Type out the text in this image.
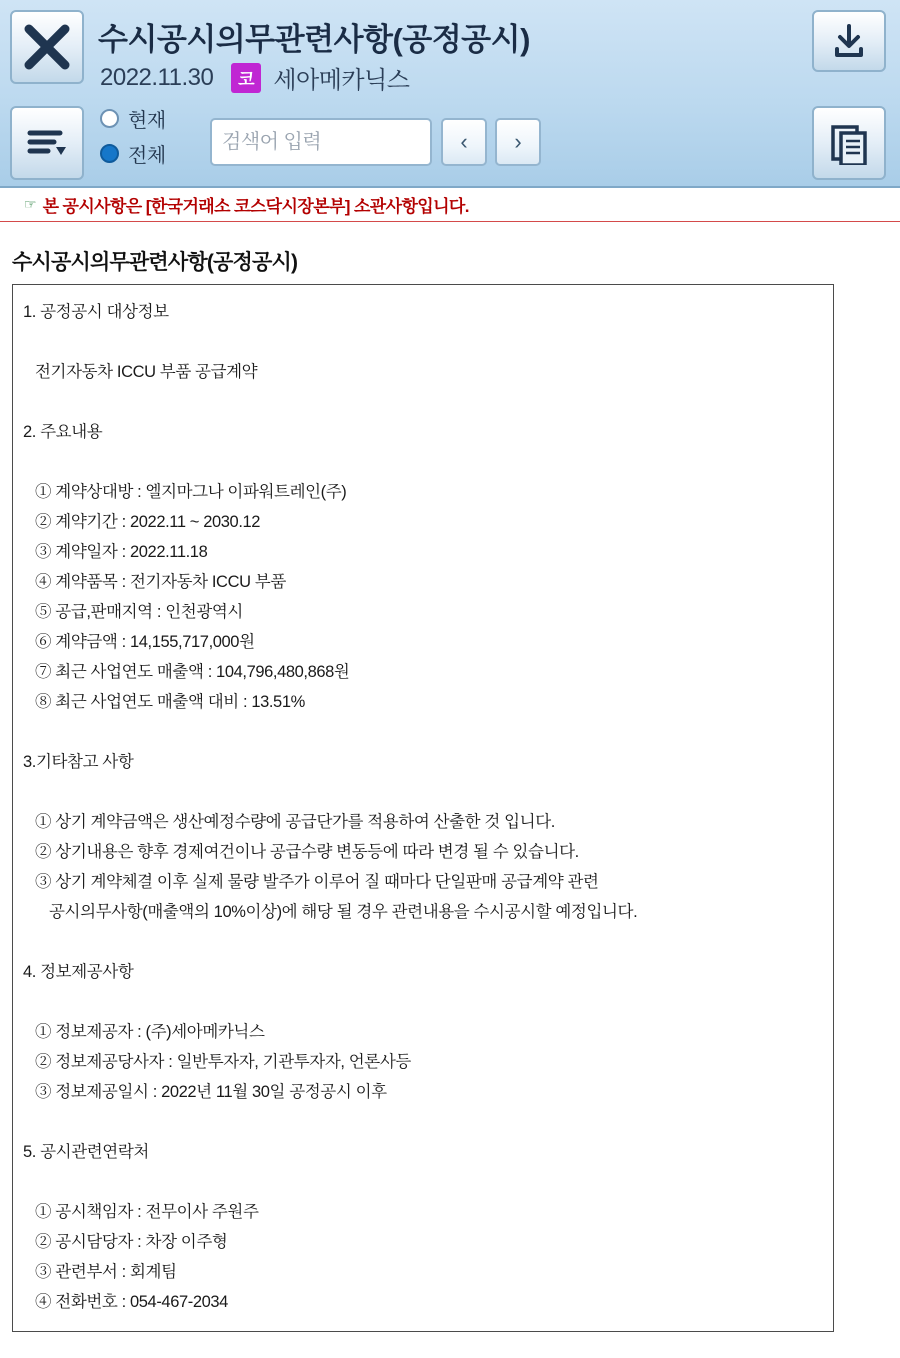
수시공시의무관련사항(공정공시)
2022.11.30	코 세아메카닉스
현재
전체
검색어 입력
‹	›
☞ 본 공시사항은 [한국거래소 코스닥시장본부] 소관사항입니다.
수시공시의무관련사항(공정공시)
1. 공정공시 대상정보
전기자동차 ICCU 부품 공급계약
2. 주요내용
① 계약상대방 : 엘지마그나 이파워트레인(주)
② 계약기간 : 2022.11 ~ 2030.12
③ 계약일자 : 2022.11.18
④ 계약품목 : 전기자동차 ICCU 부품
⑤ 공급,판매지역 : 인천광역시
⑥ 계약금액 : 14,155,717,000원
⑦ 최근 사업연도 매출액 : 104,796,480,868원
⑧ 최근 사업연도 매출액 대비 : 13.51%
3.기타참고 사항
① 상기 계약금액은 생산예정수량에 공급단가를 적용하여 산출한 것 입니다.
② 상기내용은 향후 경제여건이나 공급수량 변동등에 따라 변경 될 수 있습니다.
③ 상기 계약체결 이후 실제 물량 발주가 이루어 질 때마다 단일판매 공급계약 관련
공시의무사항(매출액의 10%이상)에 해당 될 경우 관련내용을 수시공시할 예정입니다.
4. 정보제공사항
① 정보제공자 : (주)세아메카닉스
② 정보제공당사자 : 일반투자자, 기관투자자, 언론사등
③ 정보제공일시 : 2022년 11월 30일 공정공시 이후
5. 공시관련연락처
① 공시책임자 : 전무이사 주원주
② 공시담당자 : 차장 이주형
③ 관련부서 : 회계팀
④ 전화번호 : 054-467-2034
